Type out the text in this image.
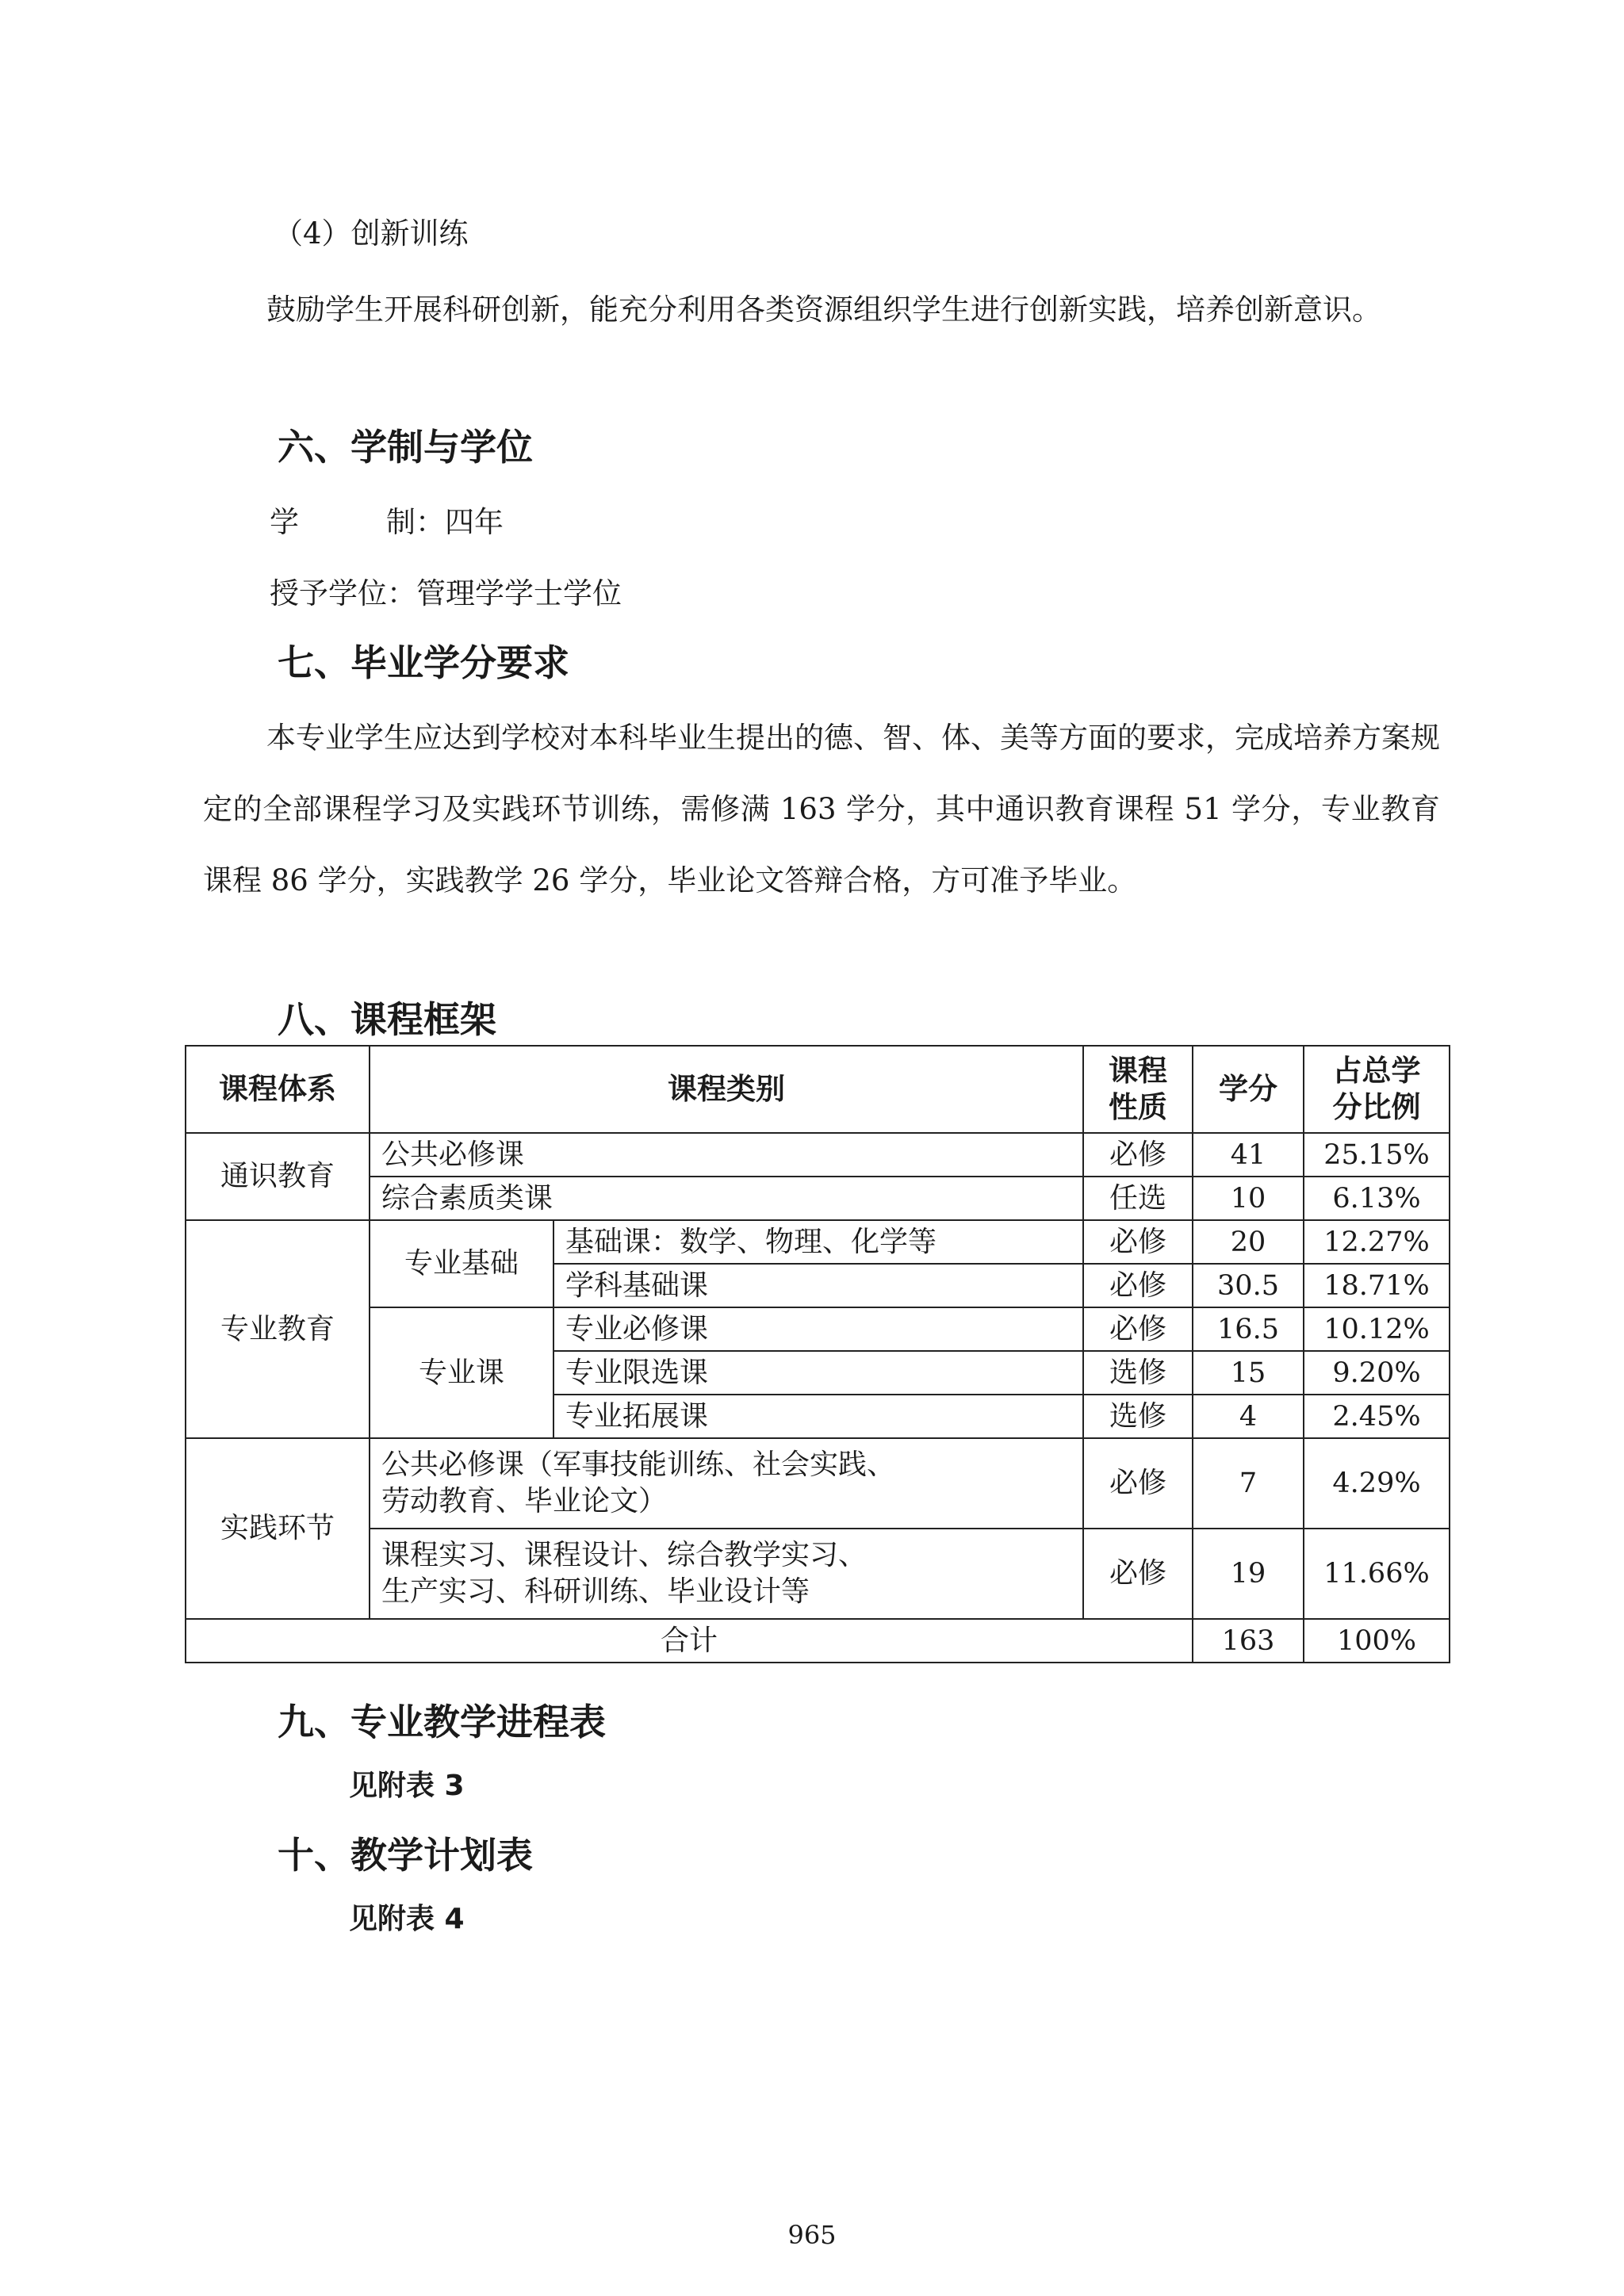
（4）创新训练
鼓励学生开展科研创新，能充分利用各类资源组织学生进行创新实践，培养创新意识。
六、学制与学位
学	制：四年
授予学位：管理学学士学位
七、毕业学分要求
本专业学生应达到学校对本科毕业生提出的德、智、体、美等方面的要求，完成培养方案规定的全部课程学习及实践环节训练，需修满 163 学分，其中通识教育课程 51 学分，专业教育课程 86 学分，实践教学 26 学分，毕业论文答辩合格，方可准予毕业。
八、课程框架
课程体系	课程类别		课程性质	学分	占总学分比例

通识教育	公共必修课		必修	41	25.15%
	综合素质类课		任选	10	6.13%
专业教育	专业基础	基础课：数学、物理、化学等	必修	20	12.27%
		学科基础课	必修	30.5	18.71%
	专业课	专业必修课	必修	16.5	10.12%
		专业限选课	选修	15	9.20%
		专业拓展课	选修	4	2.45%
实践环节	公共必修课（军事技能训练、社会实践、
劳动教育、毕业论文）		必修	7	4.29%

	课程实习、课程设计、综合教学实习、
生产实习、科研训练、毕业设计等		必修	19	11.66%
合计				163	100%
九、专业教学进程表
见附表 3
十、教学计划表
见附表 4
965
